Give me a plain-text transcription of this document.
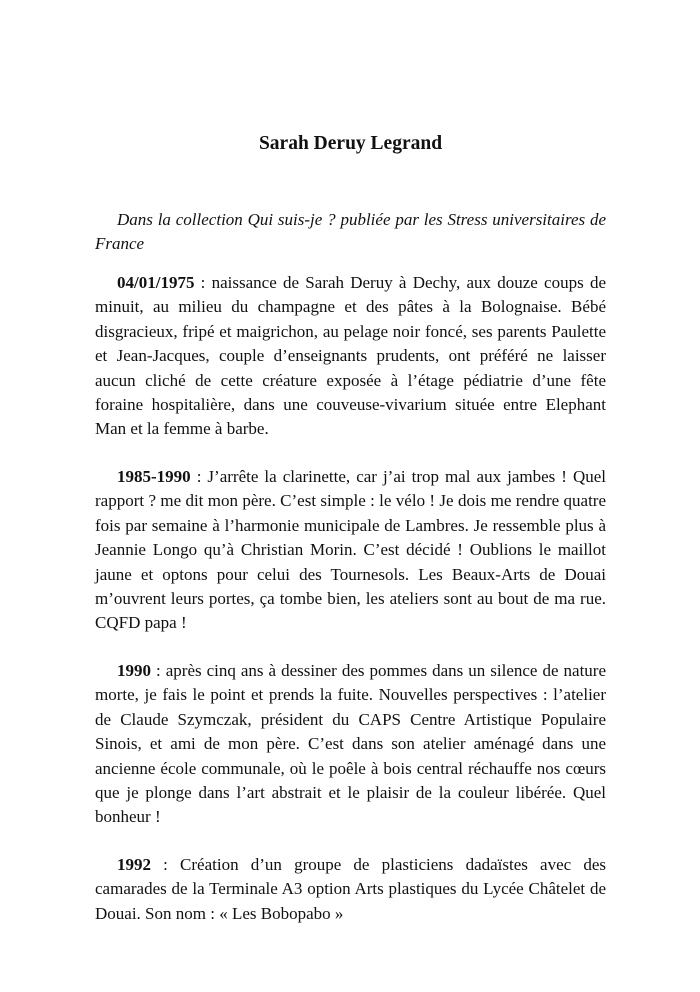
Sarah Deruy Legrand

Dans la collection Qui suis-je ? publiée par les Stress universitaires de France

04/01/1975 : naissance de Sarah Deruy à Dechy, aux douze coups de minuit, au milieu du champagne et des pâtes à la Bolognaise. Bébé disgracieux, fripé et maigrichon, au pelage noir foncé, ses parents Paulette et Jean-Jacques, couple d’enseignants prudents, ont préféré ne laisser aucun cliché de cette créature exposée à l’étage pédiatrie d’une fête foraine hospitalière, dans une couveuse-vivarium située entre Elephant Man et la femme à barbe.

1985-1990 : J’arrête la clarinette, car j’ai trop mal aux jambes ! Quel rapport ? me dit mon père. C’est simple : le vélo ! Je dois me rendre quatre fois par semaine à l’harmonie municipale de Lambres. Je ressemble plus à Jeannie Longo qu’à Christian Morin. C’est décidé ! Oublions le maillot jaune et optons pour celui des Tournesols. Les Beaux-Arts de Douai m’ouvrent leurs portes, ça tombe bien, les ateliers sont au bout de ma rue. CQFD papa !

1990 : après cinq ans à dessiner des pommes dans un silence de nature morte, je fais le point et prends la fuite. Nouvelles perspectives : l’atelier de Claude Szymczak, président du CAPS Centre Artistique Populaire Sinois, et ami de mon père. C’est dans son atelier aménagé dans une ancienne école communale, où le poêle à bois central réchauffe nos cœurs que je plonge dans l’art abstrait et le plaisir de la couleur libérée. Quel bonheur !

1992 : Création d’un groupe de plasticiens dadaïstes avec des camarades de la Terminale A3 option Arts plastiques du Lycée Châtelet de Douai. Son nom : « Les Bobopabo »
